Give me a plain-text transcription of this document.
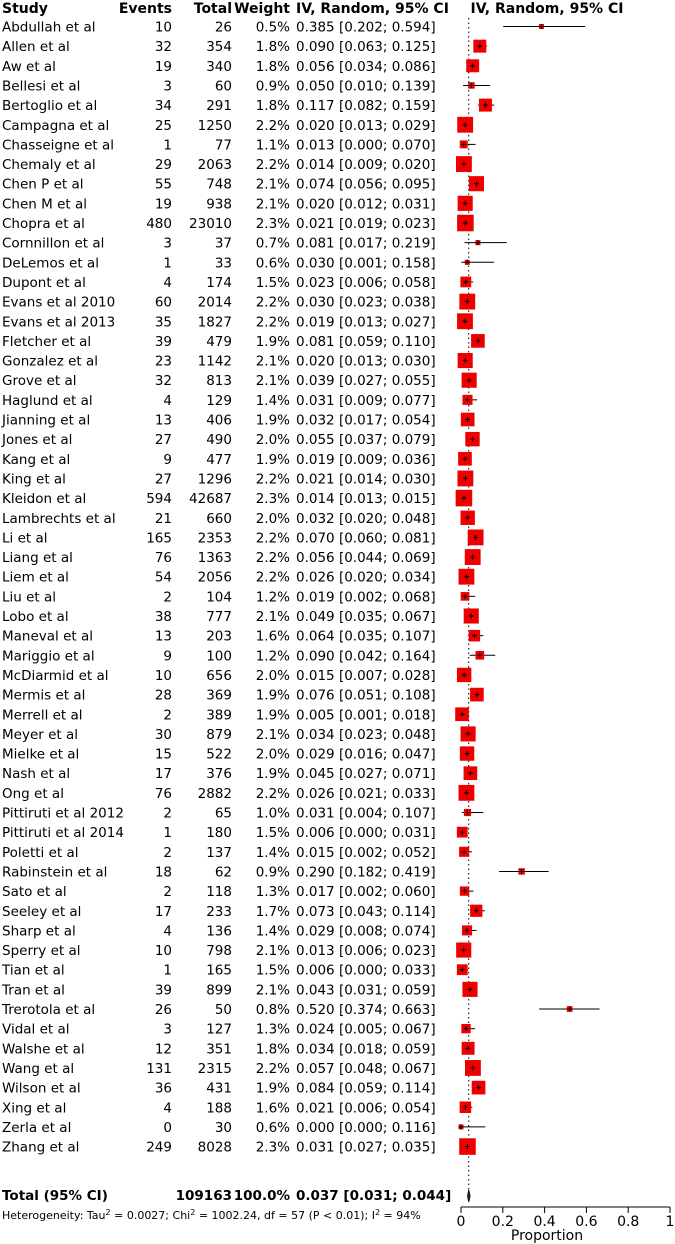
Study	Events Total Weight IV, Random, 95% CI IV, Random, 95% CI
Abdullah et al	10	26 0.5% 0.385 [0.202; 0.594]
Allen et al	32	354 1.8% 0.090 [0.063; 0.125]
Aw et al	19	340 1.8% 0.056 [0.034; 0.086]
Bellesi et al	3	60 0.9% 0.050 [0.010; 0.139]
Bertoglio et al	34	291 1.8% 0.117 [0.082; 0.159]
Campagna et al	25 1250 2.2% 0.020 [0.013; 0.029]
Chasseigne et al	1	77 1.1% 0.013 [0.000; 0.070]
Chemaly et al	29 2063 2.2% 0.014 [0.009; 0.020]
Chen P et al	55	748 2.1% 0.074 [0.056; 0.095]
Chen M et al	19	938 2.1% 0.020 [0.012; 0.031]
Chopra et al	480 23010 2.3% 0.021 [0.019; 0.023]
Cornnillon et al	3	37 0.7% 0.081 [0.017; 0.219]
DeLemos et al	1	33 0.6% 0.030 [0.001; 0.158]
Dupont et al	4	174 1.5% 0.023 [0.006; 0.058]
Evans et al 2010	60 2014 2.2% 0.030 [0.023; 0.038]
Evans et al 2013	35 1827 2.2% 0.019 [0.013; 0.027]
Fletcher et al	39	479 1.9% 0.081 [0.059; 0.110]
Gonzalez et al	23 1142 2.1% 0.020 [0.013; 0.030]
Grove et al	32	813 2.1% 0.039 [0.027; 0.055]
Haglund et al	4	129 1.4% 0.031 [0.009; 0.077]
Jianning et al	13	406 1.9% 0.032 [0.017; 0.054]
Jones et al	27	490 2.0% 0.055 [0.037; 0.079]
Kang et al	9	477 1.9% 0.019 [0.009; 0.036]
King et al	27 1296 2.2% 0.021 [0.014; 0.030]
Kleidon et al	594 42687 2.3% 0.014 [0.013; 0.015]
Lambrechts et al	21	660 2.0% 0.032 [0.020; 0.048]
Li et al	165 2353 2.2% 0.070 [0.060; 0.081]
Liang et al	76 1363 2.2% 0.056 [0.044; 0.069]
Liem et al	54 2056 2.2% 0.026 [0.020; 0.034]
Liu et al	2	104 1.2% 0.019 [0.002; 0.068]
Lobo et al	38	777 2.1% 0.049 [0.035; 0.067]
Maneval et al	13	203 1.6% 0.064 [0.035; 0.107]
Mariggio et al	9	100 1.2% 0.090 [0.042; 0.164]
McDiarmid et al	10	656 2.0% 0.015 [0.007; 0.028]
Mermis et al	28	369 1.9% 0.076 [0.051; 0.108]
Merrell et al	2	389 1.9% 0.005 [0.001; 0.018]
Meyer et al	30	879 2.1% 0.034 [0.023; 0.048]
Mielke et al	15	522 2.0% 0.029 [0.016; 0.047]
Nash et al	17	376 1.9% 0.045 [0.027; 0.071]
Ong et al	76 2882 2.2% 0.026 [0.021; 0.033]
Pittiruti et al 2012	2	65 1.0% 0.031 [0.004; 0.107]
Pittiruti et al 2014	1	180 1.5% 0.006 [0.000; 0.031]
Poletti et al	2	137 1.4% 0.015 [0.002; 0.052]
Rabinstein et al	18	62 0.9% 0.290 [0.182; 0.419]
Sato et al	2	118 1.3% 0.017 [0.002; 0.060]
Seeley et al	17	233 1.7% 0.073 [0.043; 0.114]
Sharp et al	4	136 1.4% 0.029 [0.008; 0.074]
Sperry et al	10	798 2.1% 0.013 [0.006; 0.023]
Tian et al	1	165 1.5% 0.006 [0.000; 0.033]
Tran et al	39	899 2.1% 0.043 [0.031; 0.059]
Trerotola et al	26	50 0.8% 0.520 [0.374; 0.663]
Vidal et al	3	127 1.3% 0.024 [0.005; 0.067]
Walshe et al	12	351 1.8% 0.034 [0.018; 0.059]
Wang et al	131 2315 2.2% 0.057 [0.048; 0.067]
Wilson et al	36	431 1.9% 0.084 [0.059; 0.114]
Xing et al	4	188 1.6% 0.021 [0.006; 0.054]
Zerla et al	0	30 0.6% 0.000 [0.000; 0.116]
Zhang et al	249 8028 2.3% 0.031 [0.027; 0.035]
Total (95% CI)	109163 100.0% 0.037 [0.031; 0.044]
Heterogeneity: Tau$^2$ = 0.0027; Chi$^2$ = 1002.24, df = 57 (P < 0.01); $I^2 = 94\%$	0 0.2 0.4 0.6 0.8 1
Proportion
